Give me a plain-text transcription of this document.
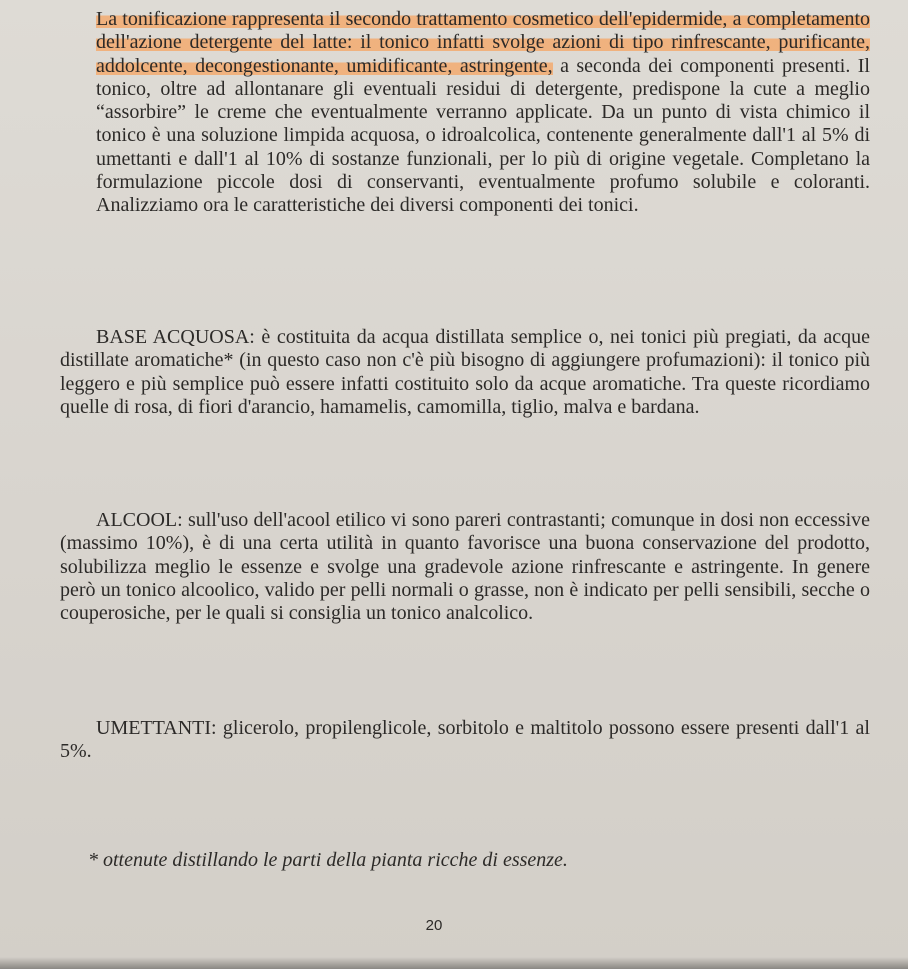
La tonificazione rappresenta il secondo trattamento cosmetico dell'epidermide, a completamento dell'azione detergente del latte: il tonico infatti svolge azioni di tipo rinfrescante, purificante, addolcente, decongestionante, umidificante, astringente, a seconda dei componenti presenti. Il tonico, oltre ad allontanare gli eventuali residui di detergente, predispone la cute a meglio “assorbire” le creme che eventualmente verranno applicate. Da un punto di vista chimico il tonico è una soluzione limpida acquosa, o idroalcolica, contenente generalmente dall'1 al 5% di umettanti e dall'1 al 10% di sostanze funzionali, per lo più di origine vegetale. Completano la formulazione piccole dosi di conservanti, eventualmente profumo solubile e coloranti. Analizziamo ora le caratteristiche dei diversi componenti dei tonici.
BASE ACQUOSA: è costituita da acqua distillata semplice o, nei tonici più pregiati, da acque distillate aromatiche* (in questo caso non c'è più bisogno di aggiungere profumazioni): il tonico più leggero e più semplice può essere infatti costituito solo da acque aromatiche. Tra queste ricordiamo quelle di rosa, di fiori d'arancio, hamamelis, camomilla, tiglio, malva e bardana.
ALCOOL: sull'uso dell'acool etilico vi sono pareri contrastanti; comunque in dosi non eccessive (massimo 10%), è di una certa utilità in quanto favorisce una buona conservazione del prodotto, solubilizza meglio le essenze e svolge una gradevole azione rinfrescante e astringente. In genere però un tonico alcoolico, valido per pelli normali o grasse, non è indicato per pelli sensibili, secche o couperosiche, per le quali si consiglia un tonico analcolico.
UMETTANTI: glicerolo, propilenglicole, sorbitolo e maltitolo possono essere presenti dall'1 al 5%.
* ottenute distillando le parti della pianta ricche di essenze.
20
